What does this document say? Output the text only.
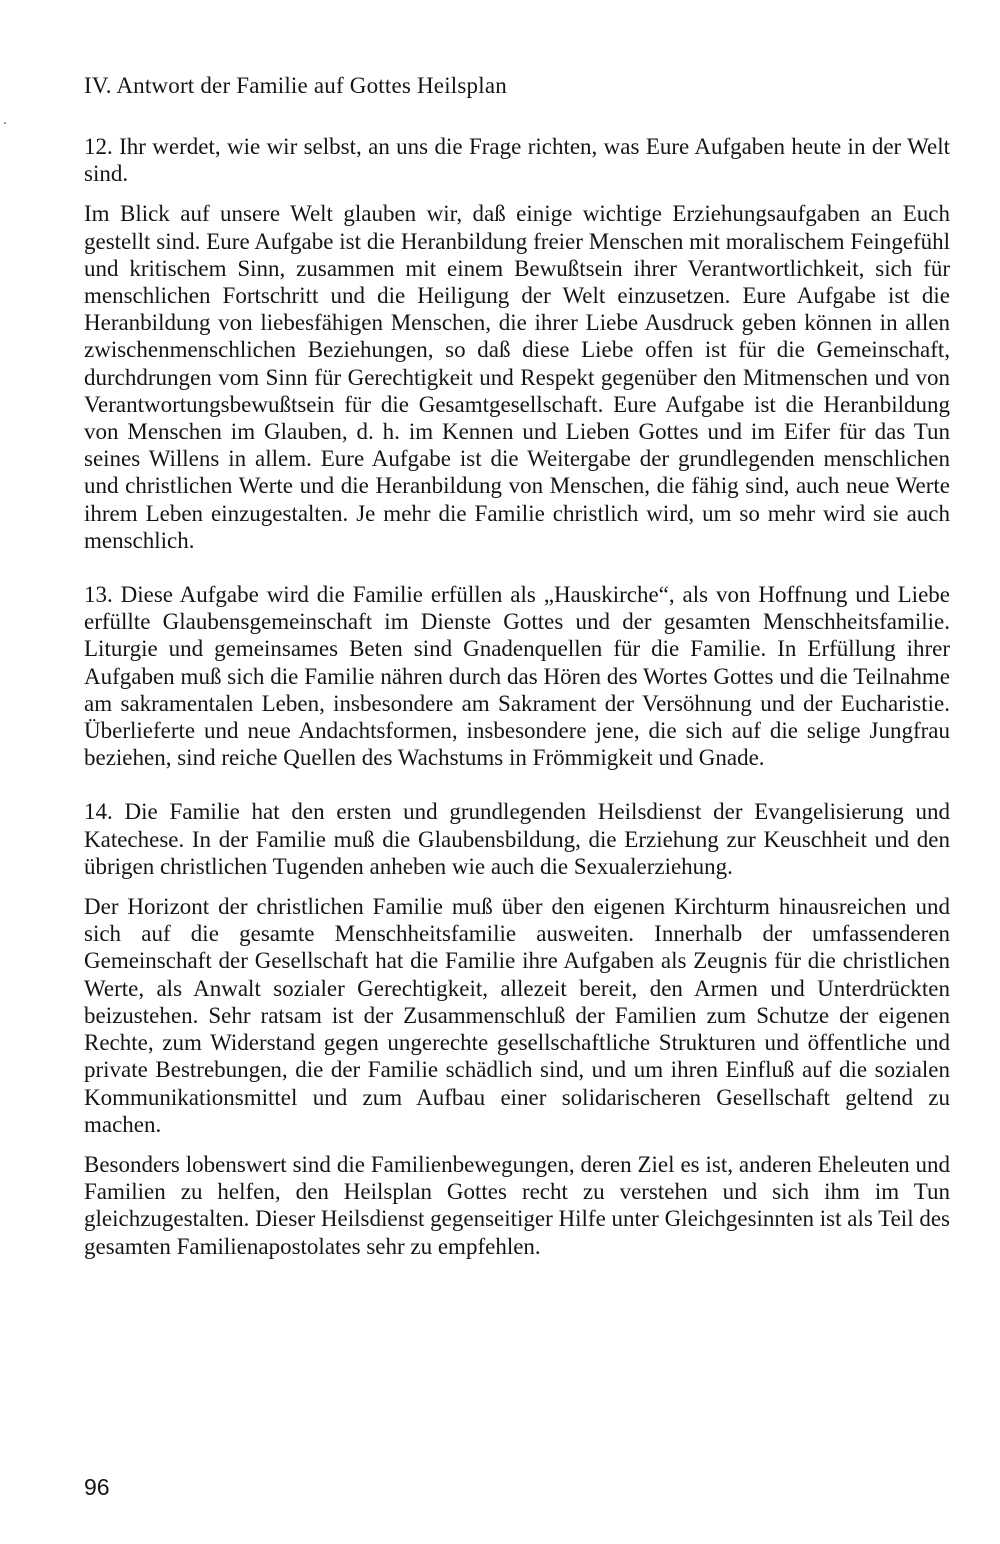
IV. Antwort der Familie auf Gottes Heilsplan

12. Ihr werdet, wie wir selbst, an uns die Frage richten, was Eure Aufgaben heute in der Welt sind.

Im Blick auf unsere Welt glauben wir, daß einige wichtige Erziehungsaufgaben an Euch gestellt sind. Eure Aufgabe ist die Heranbildung freier Menschen mit moralischem Feingefühl und kritischem Sinn, zusammen mit einem Bewußtsein ihrer Verantwortlichkeit, sich für menschlichen Fortschritt und die Heiligung der Welt einzusetzen. Eure Aufgabe ist die Heranbildung von liebesfähigen Menschen, die ihrer Liebe Ausdruck geben können in allen zwischenmenschlichen Beziehungen, so daß diese Liebe offen ist für die Gemeinschaft, durchdrungen vom Sinn für Gerechtigkeit und Respekt gegenüber den Mitmenschen und von Verantwortungsbewußtsein für die Gesamtgesellschaft. Eure Aufgabe ist die Heranbildung von Menschen im Glauben, d. h. im Kennen und Lieben Gottes und im Eifer für das Tun seines Willens in allem. Eure Aufgabe ist die Weitergabe der grundlegenden menschlichen und christlichen Werte und die Heranbildung von Menschen, die fähig sind, auch neue Werte ihrem Leben einzugestalten. Je mehr die Familie christlich wird, um so mehr wird sie auch menschlich.

13. Diese Aufgabe wird die Familie erfüllen als „Hauskirche“, als von Hoffnung und Liebe erfüllte Glaubensgemeinschaft im Dienste Gottes und der gesamten Menschheitsfamilie. Liturgie und gemeinsames Beten sind Gnadenquellen für die Familie. In Erfüllung ihrer Aufgaben muß sich die Familie nähren durch das Hören des Wortes Gottes und die Teilnahme am sakramentalen Leben, insbesondere am Sakrament der Versöhnung und der Eucharistie. Überlieferte und neue Andachtsformen, insbesondere jene, die sich auf die selige Jungfrau beziehen, sind reiche Quellen des Wachstums in Frömmigkeit und Gnade.

14. Die Familie hat den ersten und grundlegenden Heilsdienst der Evangelisierung und Katechese. In der Familie muß die Glaubensbildung, die Erziehung zur Keuschheit und den übrigen christlichen Tugenden anheben wie auch die Sexualerziehung.

Der Horizont der christlichen Familie muß über den eigenen Kirchturm hinausreichen und sich auf die gesamte Menschheitsfamilie ausweiten. Innerhalb der umfassenderen Gemeinschaft der Gesellschaft hat die Familie ihre Aufgaben als Zeugnis für die christlichen Werte, als Anwalt sozialer Gerechtigkeit, allezeit bereit, den Armen und Unterdrückten beizustehen. Sehr ratsam ist der Zusammenschluß der Familien zum Schutze der eigenen Rechte, zum Widerstand gegen ungerechte gesellschaftliche Strukturen und öffentliche und private Bestrebungen, die der Familie schädlich sind, und um ihren Einfluß auf die sozialen Kommunikationsmittel und zum Aufbau einer solidarischeren Gesellschaft geltend zu machen.

Besonders lobenswert sind die Familienbewegungen, deren Ziel es ist, anderen Eheleuten und Familien zu helfen, den Heilsplan Gottes recht zu verstehen und sich ihm im Tun gleichzugestalten. Dieser Heilsdienst gegenseitiger Hilfe unter Gleichgesinnten ist als Teil des gesamten Familienapostolates sehr zu empfehlen.

96
